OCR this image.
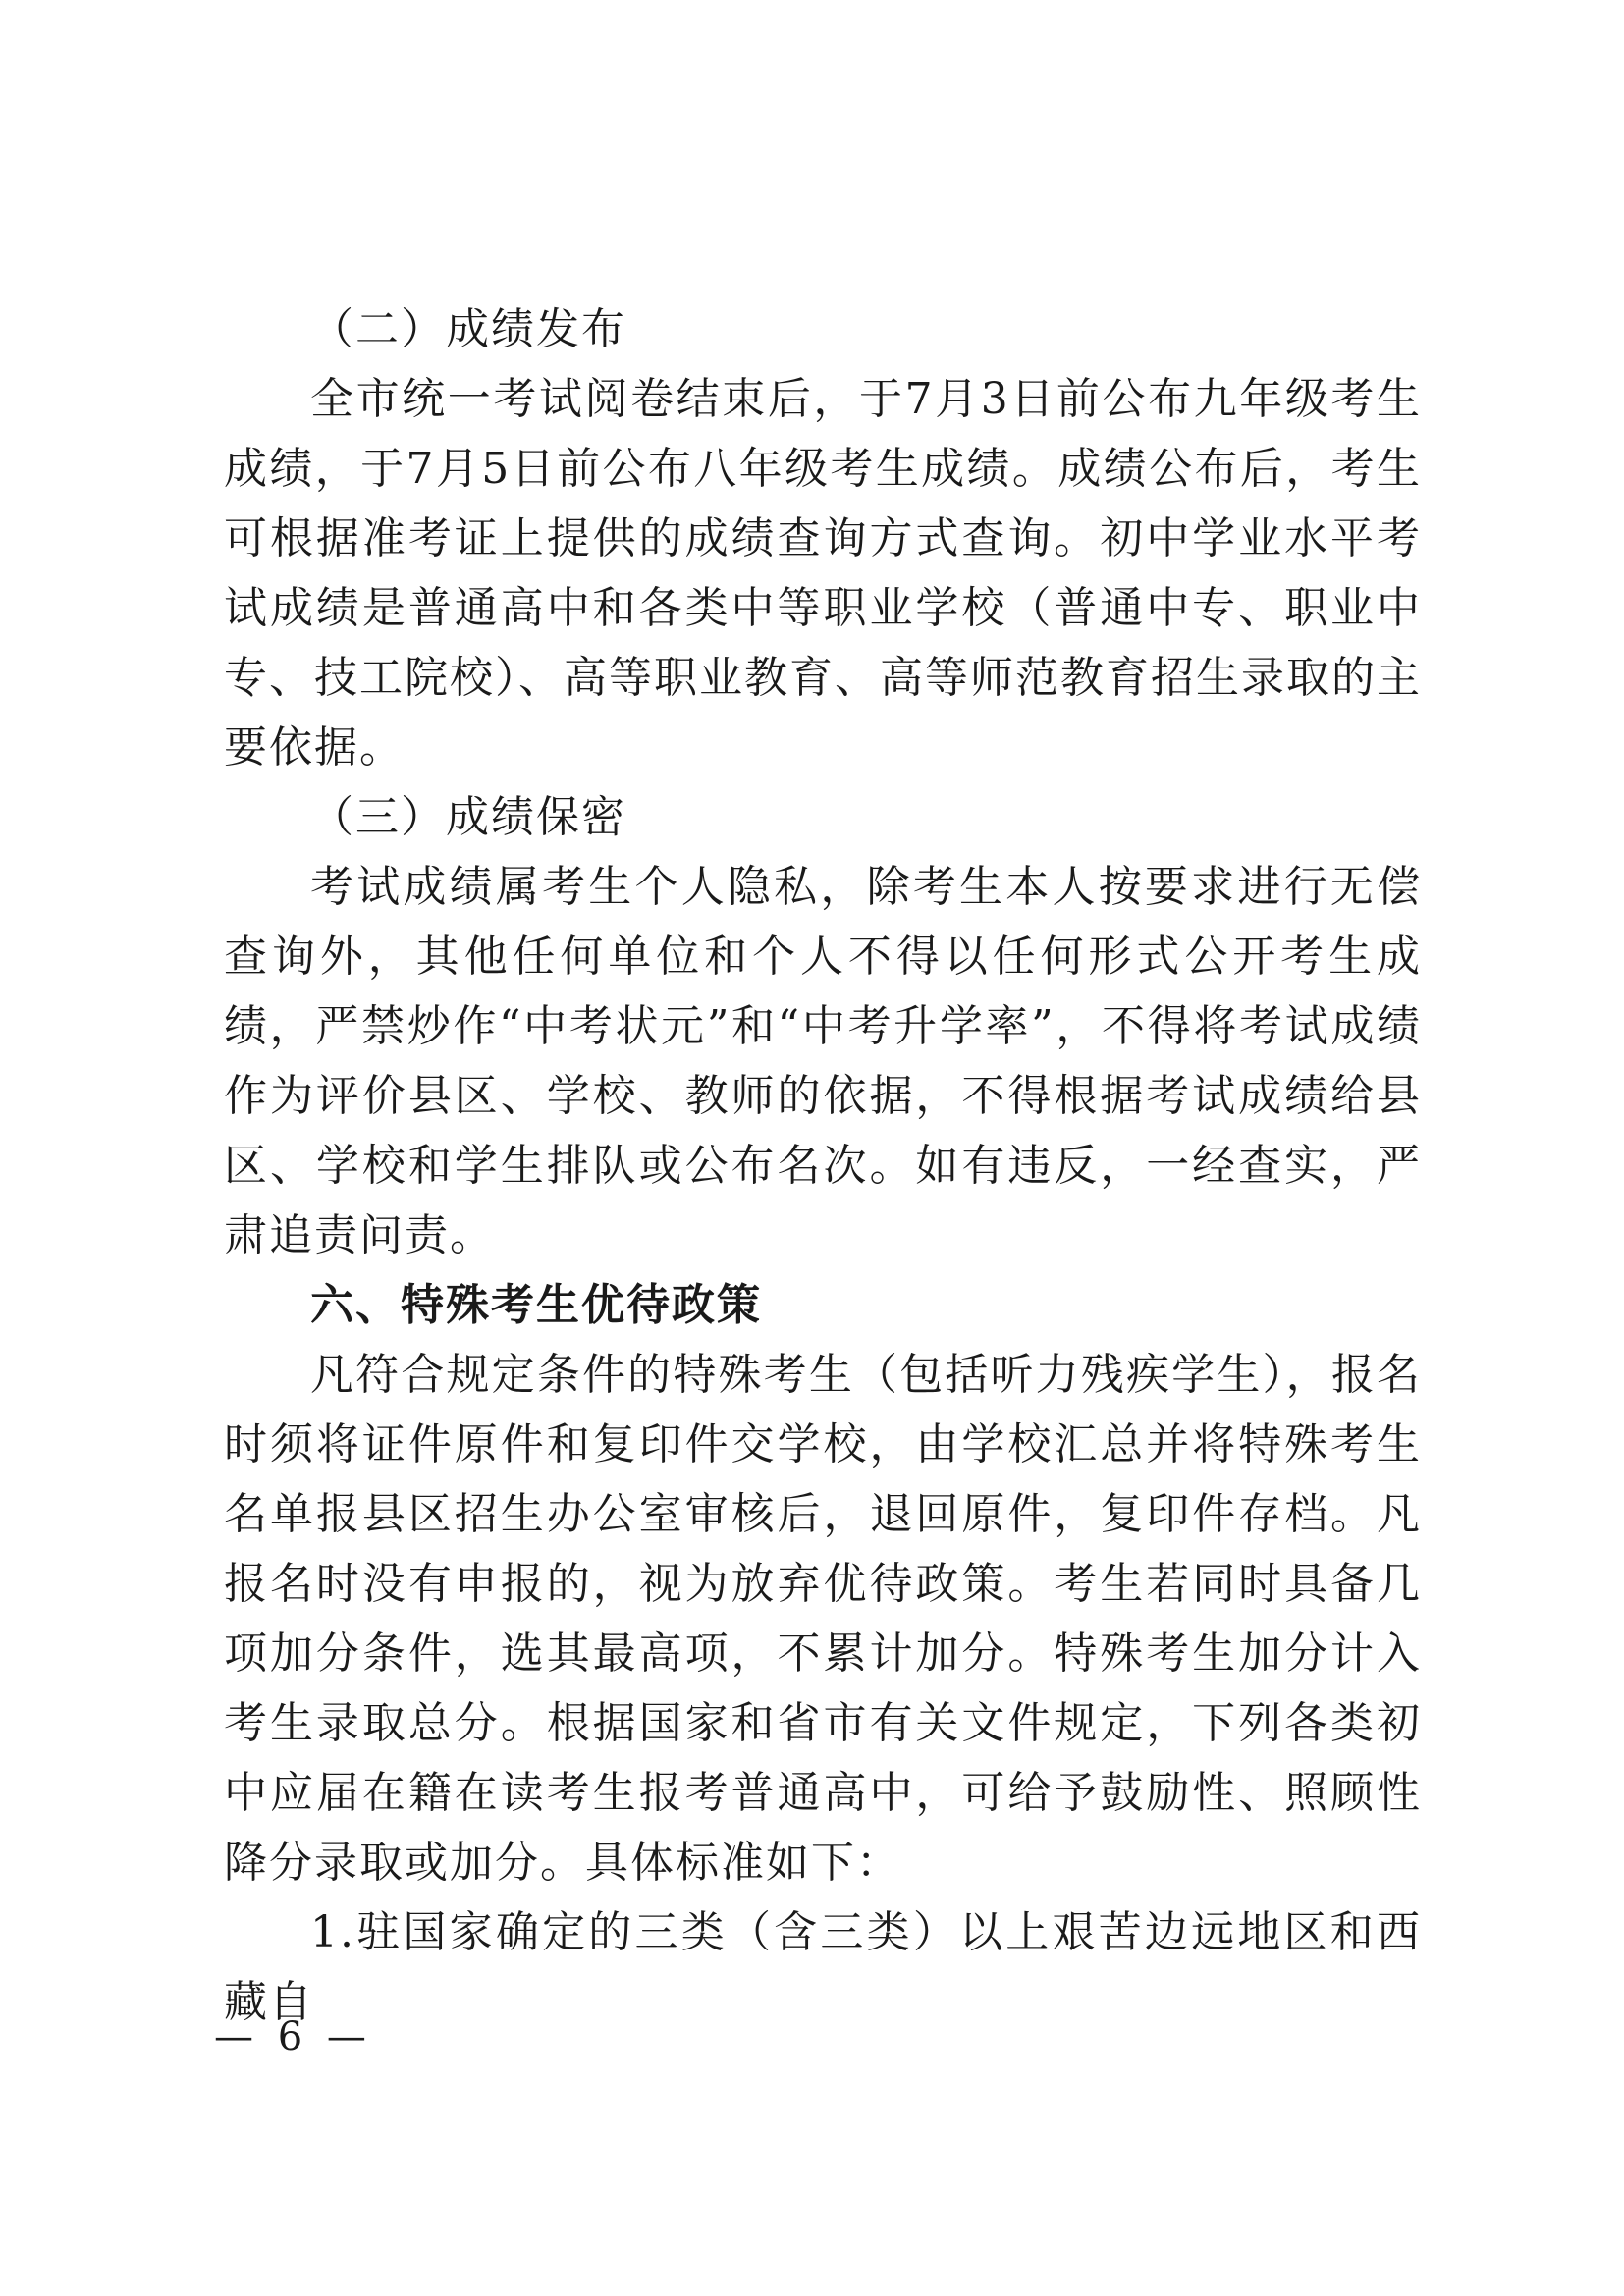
（二）成绩发布

全市统一考试阅卷结束后，于7月3日前公布九年级考生成绩，于7月5日前公布八年级考生成绩。成绩公布后，考生可根据准考证上提供的成绩查询方式查询。初中学业水平考试成绩是普通高中和各类中等职业学校（普通中专、职业中专、技工院校）、高等职业教育、高等师范教育招生录取的主要依据。

（三）成绩保密

考试成绩属考生个人隐私，除考生本人按要求进行无偿查询外，其他任何单位和个人不得以任何形式公开考生成绩，严禁炒作“中考状元”和“中考升学率”，不得将考试成绩作为评价县区、学校、教师的依据，不得根据考试成绩给县区、学校和学生排队或公布名次。如有违反，一经查实，严肃追责问责。

六、特殊考生优待政策

凡符合规定条件的特殊考生（包括听力残疾学生），报名时须将证件原件和复印件交学校，由学校汇总并将特殊考生名单报县区招生办公室审核后，退回原件，复印件存档。凡报名时没有申报的，视为放弃优待政策。考生若同时具备几项加分条件，选其最高项，不累计加分。特殊考生加分计入考生录取总分。根据国家和省市有关文件规定，下列各类初中应届在籍在读考生报考普通高中，可给予鼓励性、照顾性降分录取或加分。具体标准如下：

1.驻国家确定的三类（含三类）以上艰苦边远地区和西藏自

— 6 —
